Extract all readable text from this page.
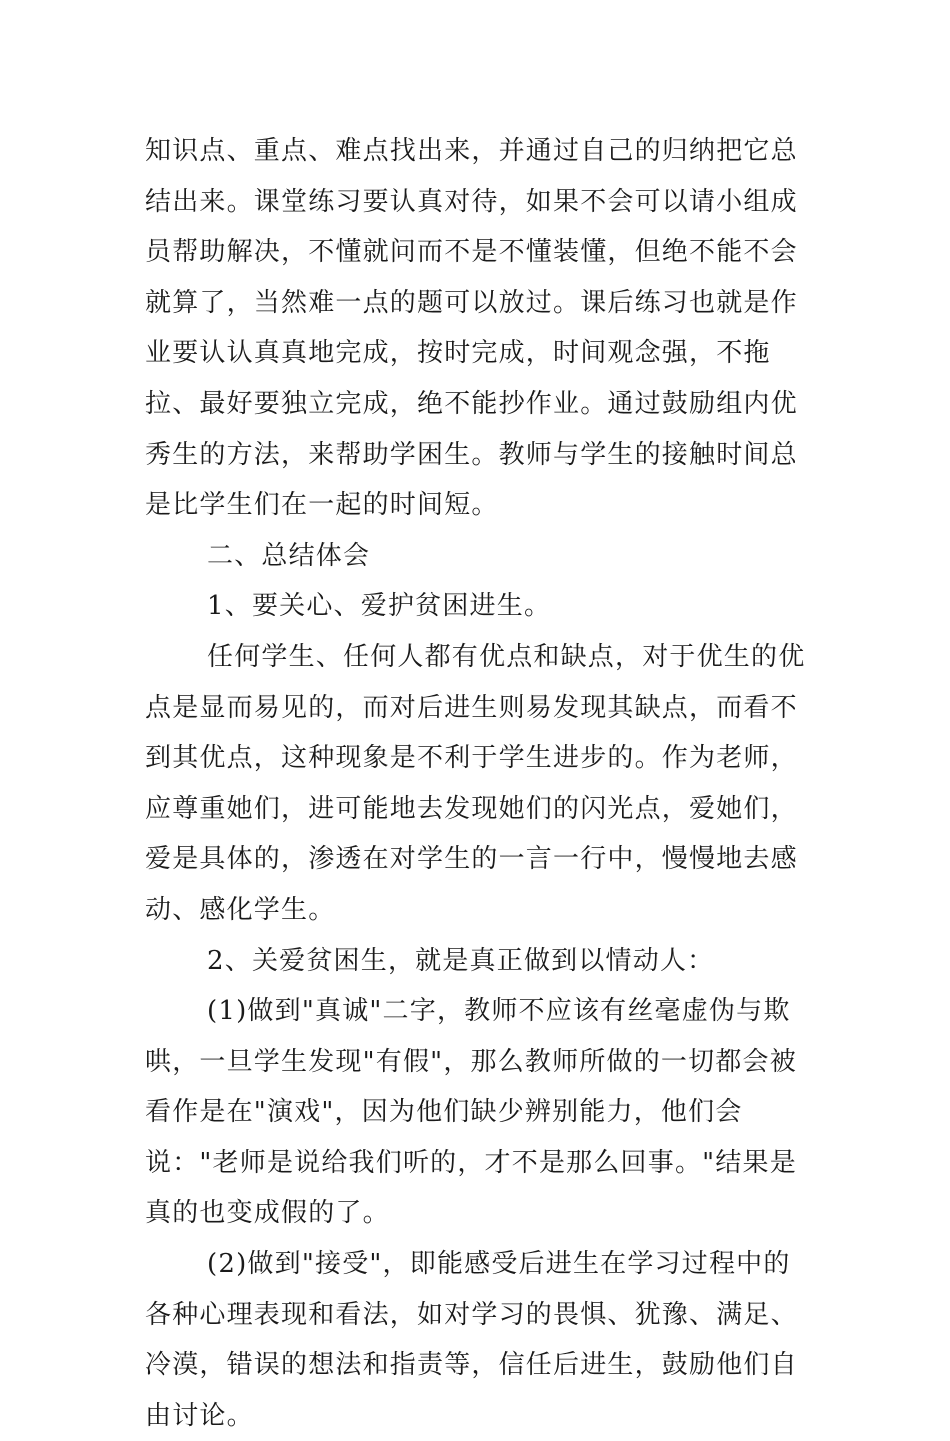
知识点、重点、难点找出来，并通过自己的归纳把它总结出来。课堂练习要认真对待，如果不会可以请小组成员帮助解决，不懂就问而不是不懂装懂，但绝不能不会就算了，当然难一点的题可以放过。课后练习也就是作业要认认真真地完成，按时完成，时间观念强，不拖拉、最好要独立完成，绝不能抄作业。通过鼓励组内优秀生的方法，来帮助学困生。教师与学生的接触时间总是比学生们在一起的时间短。

二、总结体会

1、要关心、爱护贫困进生。

任何学生、任何人都有优点和缺点，对于优生的优点是显而易见的，而对后进生则易发现其缺点，而看不到其优点，这种现象是不利于学生进步的。作为老师，应尊重她们，进可能地去发现她们的闪光点，爱她们，爱是具体的，渗透在对学生的一言一行中，慢慢地去感动、感化学生。

2、关爱贫困生，就是真正做到以情动人：

(1)做到"真诚"二字，教师不应该有丝毫虚伪与欺哄，一旦学生发现"有假"，那么教师所做的一切都会被看作是在"演戏"，因为他们缺少辨别能力，他们会说："老师是说给我们听的，才不是那么回事。"结果是真的也变成假的了。

(2)做到"接受"，即能感受后进生在学习过程中的各种心理表现和看法，如对学习的畏惧、犹豫、满足、冷漠，错误的想法和指责等，信任后进生，鼓励他们自由讨论。
